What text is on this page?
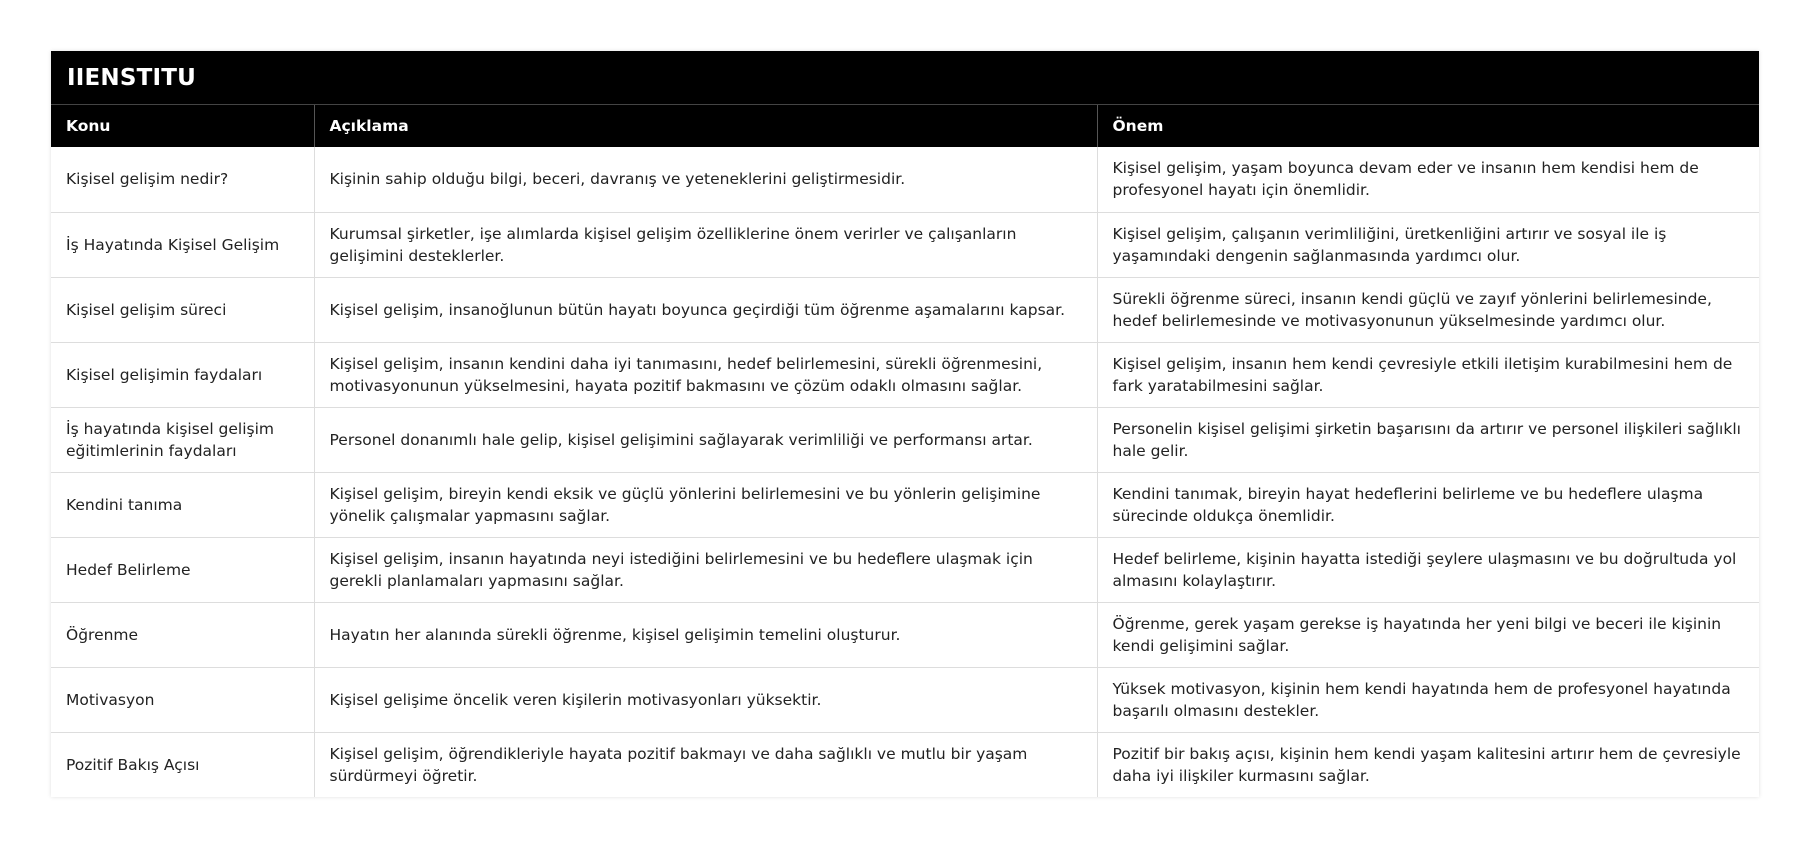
IIENSTITU
Konu	Açıklama	Önem
Kişisel gelişim nedir?	Kişinin sahip olduğu bilgi, beceri, davranış ve yeteneklerini geliştirmesidir.	Kişisel gelişim, yaşam boyunca devam eder ve insanın hem kendisi hem de profesyonel hayatı için önemlidir.
İş Hayatında Kişisel Gelişim	Kurumsal şirketler, işe alımlarda kişisel gelişim özelliklerine önem verirler ve çalışanların gelişimini desteklerler.	Kişisel gelişim, çalışanın verimliliğini, üretkenliğini artırır ve sosyal ile iş yaşamındaki dengenin sağlanmasında yardımcı olur.
Kişisel gelişim süreci	Kişisel gelişim, insanoğlunun bütün hayatı boyunca geçirdiği tüm öğrenme aşamalarını kapsar.	Sürekli öğrenme süreci, insanın kendi güçlü ve zayıf yönlerini belirlemesinde, hedef belirlemesinde ve motivasyonunun yükselmesinde yardımcı olur.
Kişisel gelişimin faydaları	Kişisel gelişim, insanın kendini daha iyi tanımasını, hedef belirlemesini, sürekli öğrenmesini, motivasyonunun yükselmesini, hayata pozitif bakmasını ve çözüm odaklı olmasını sağlar.	Kişisel gelişim, insanın hem kendi çevresiyle etkili iletişim kurabilmesini hem de fark yaratabilmesini sağlar.
İş hayatında kişisel gelişim eğitimlerinin faydaları	Personel donanımlı hale gelip, kişisel gelişimini sağlayarak verimliliği ve performansı artar.	Personelin kişisel gelişimi şirketin başarısını da artırır ve personel ilişkileri sağlıklı hale gelir.
Kendini tanıma	Kişisel gelişim, bireyin kendi eksik ve güçlü yönlerini belirlemesini ve bu yönlerin gelişimine yönelik çalışmalar yapmasını sağlar.	Kendini tanımak, bireyin hayat hedeflerini belirleme ve bu hedeflere ulaşma sürecinde oldukça önemlidir.
Hedef Belirleme	Kişisel gelişim, insanın hayatında neyi istediğini belirlemesini ve bu hedeflere ulaşmak için gerekli planlamaları yapmasını sağlar.	Hedef belirleme, kişinin hayatta istediği şeylere ulaşmasını ve bu doğrultuda yol almasını kolaylaştırır.
Öğrenme	Hayatın her alanında sürekli öğrenme, kişisel gelişimin temelini oluşturur.	Öğrenme, gerek yaşam gerekse iş hayatında her yeni bilgi ve beceri ile kişinin kendi gelişimini sağlar.
Motivasyon	Kişisel gelişime öncelik veren kişilerin motivasyonları yüksektir.	Yüksek motivasyon, kişinin hem kendi hayatında hem de profesyonel hayatında başarılı olmasını destekler.
Pozitif Bakış Açısı	Kişisel gelişim, öğrendikleriyle hayata pozitif bakmayı ve daha sağlıklı ve mutlu bir yaşam sürdürmeyi öğretir.	Pozitif bir bakış açısı, kişinin hem kendi yaşam kalitesini artırır hem de çevresiyle daha iyi ilişkiler kurmasını sağlar.
